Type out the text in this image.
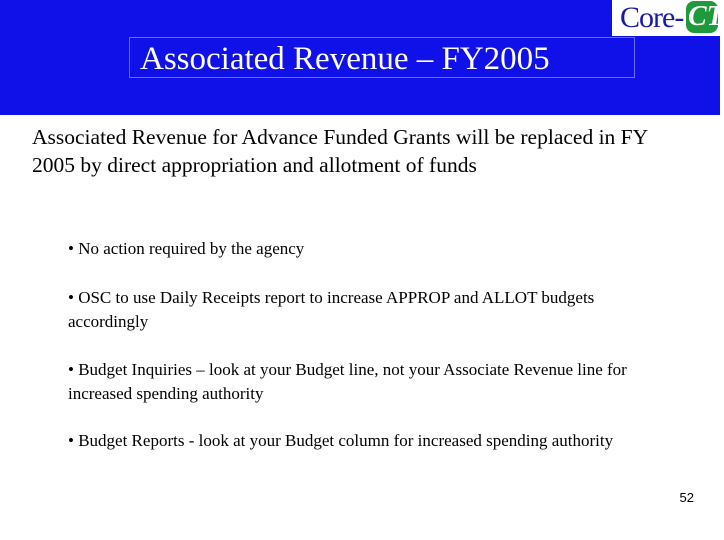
Core- CT
Associated Revenue – FY2005
Associated Revenue for Advance Funded Grants will be replaced in FY 2005 by direct appropriation and allotment of funds
• No action required by the agency
• OSC to use Daily Receipts report to increase APPROP and ALLOT budgets accordingly
• Budget Inquiries – look at your Budget line, not your Associate Revenue line for increased spending authority
• Budget Reports - look at your Budget column for increased spending authority
52
